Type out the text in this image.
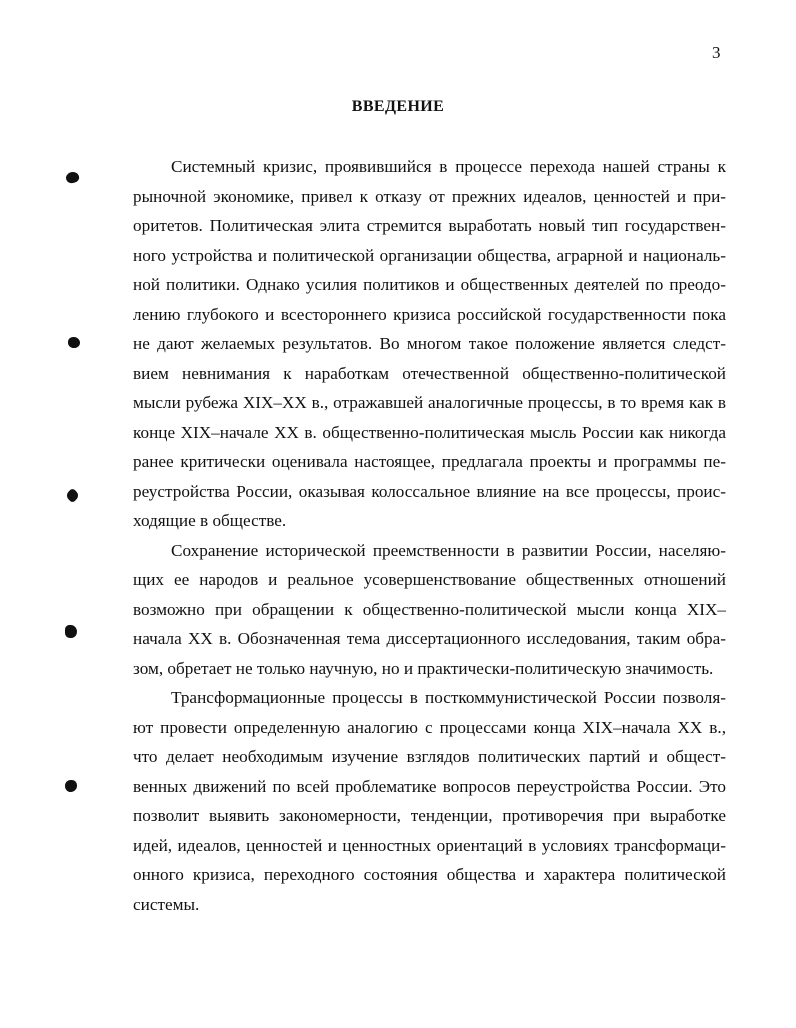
3
ВВЕДЕНИЕ

Системный кризис, проявившийся в процессе перехода нашей страны к рыночной экономике, привел к отказу от прежних идеалов, ценностей и приоритетов. Политическая элита стремится выработать новый тип государственного устройства и политической организации общества, аграрной и национальной политики. Однако усилия политиков и общественных деятелей по преодолению глубокого и всестороннего кризиса российской государственности пока не дают желаемых результатов. Во многом такое положение является следствием невнимания к наработкам отечественной общественно-политической мысли рубежа XIX–XX в., отражавшей аналогичные процессы, в то время как в конце XIX–начале XX в. общественно-политическая мысль России как никогда ранее критически оценивала настоящее, предлагала проекты и программы переустройства России, оказывая колоссальное влияние на все процессы, происходящие в обществе.

Сохранение исторической преемственности в развитии России, населяющих ее народов и реальное усовершенствование общественных отношений возможно при обращении к общественно-политической мысли конца XIX–начала XX в. Обозначенная тема диссертационного исследования, таким образом, обретает не только научную, но и практически-политическую значимость.

Трансформационные процессы в посткоммунистической России позволяют провести определенную аналогию с процессами конца XIX–начала XX в., что делает необходимым изучение взглядов политических партий и общественных движений по всей проблематике вопросов переустройства России. Это позволит выявить закономерности, тенденции, противоречия при выработке идей, идеалов, ценностей и ценностных ориентаций в условиях трансформационного кризиса, переходного состояния общества и характера политической системы.
